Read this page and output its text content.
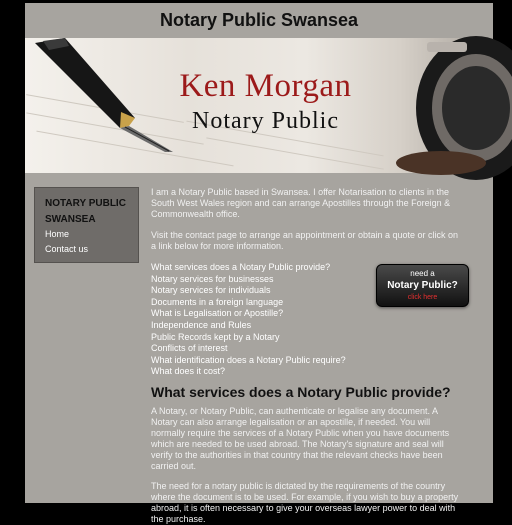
Notary Public Swansea
Ken Morgan
Notary Public
NOTARY PUBLIC
SWANSEA
Home
Contact us

I am a Notary Public based in Swansea. I offer Notarisation to clients in the South West Wales region and can arrange Apostilles through the Foreign & Commonwealth office.

Visit the contact page to arrange an appointment or obtain a quote or click on a link below for more information.

What services does a Notary Public provide?
Notary services for businesses
Notary services for individuals
Documents in a foreign language
What is Legalisation or Apostille?
Independence and Rules
Public Records kept by a Notary
Conflicts of interest
What identification does a Notary Public require?
What does it cost?
need a
Notary Public?
click here
What services does a Notary Public provide?

A Notary, or Notary Public, can authenticate or legalise any document. A Notary can also arrange legalisation or an apostille, if needed. You will normally require the services of a Notary Public when you have documents which are needed to be used abroad. The Notary's signature and seal will verify to the authorities in that country that the relevant checks have been carried out.

The need for a notary public is dictated by the requirements of the country where the document is to be used. For example, if you wish to buy a property abroad, it is often necessary to give your overseas lawyer power to deal with the purchase.
